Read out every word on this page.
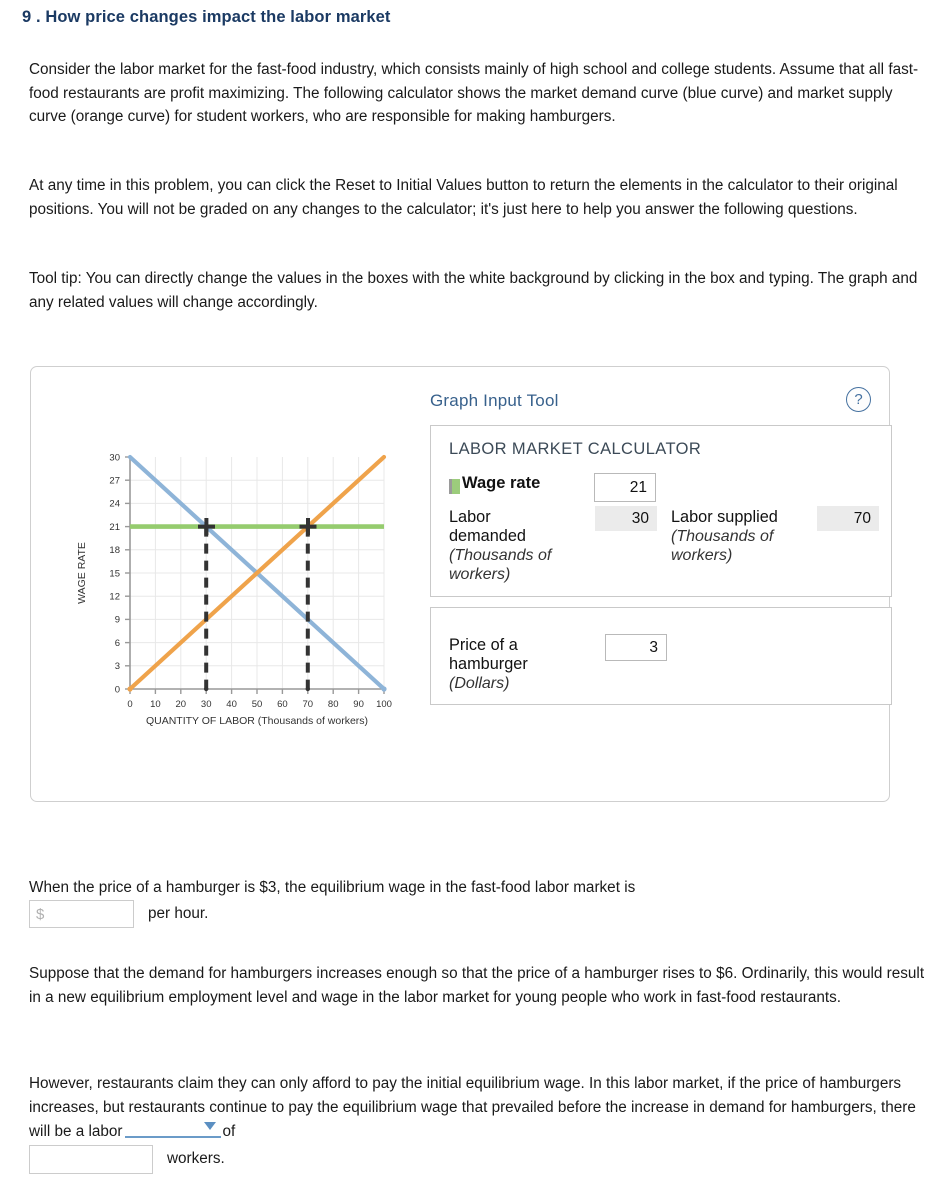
9 . How price changes impact the labor market
Consider the labor market for the fast-food industry, which consists mainly of high school and college students. Assume that all fast-food restaurants are profit maximizing. The following calculator shows the market demand curve (blue curve) and market supply curve (orange curve) for student workers, who are responsible for making hamburgers.
At any time in this problem, you can click the Reset to Initial Values button to return the elements in the calculator to their original positions. You will not be graded on any changes to the calculator; it's just here to help you answer the following questions.
Tool tip: You can directly change the values in the boxes with the white background by clicking in the box and typing. The graph and any related values will change accordingly.
0
3
6
9
12
15
18
21
24
27
30
0 10 20 30 40 50 60 70 80 90 100
QUANTITY OF LABOR (Thousands of workers)
WAGE RATE
Graph Input Tool	?
LABOR MARKET CALCULATOR
Wage rate
21
Labor demanded
(Thousands of workers)
30	Labor supplied
(Thousands of workers)
70
Price of a hamburger
(Dollars)
3
When the price of a hamburger is $3, the equilibrium wage in the fast-food labor market is
$
per hour.
Suppose that the demand for hamburgers increases enough so that the price of a hamburger rises to $6. Ordinarily, this would result in a new equilibrium employment level and wage in the labor market for young people who work in fast-food restaurants.
However, restaurants claim they can only afford to pay the initial equilibrium wage. In this labor market, if the price of hamburgers increases, but restaurants continue to pay the equilibrium wage that prevailed before the increase in demand for hamburgers, there will be a labor	of
workers.
